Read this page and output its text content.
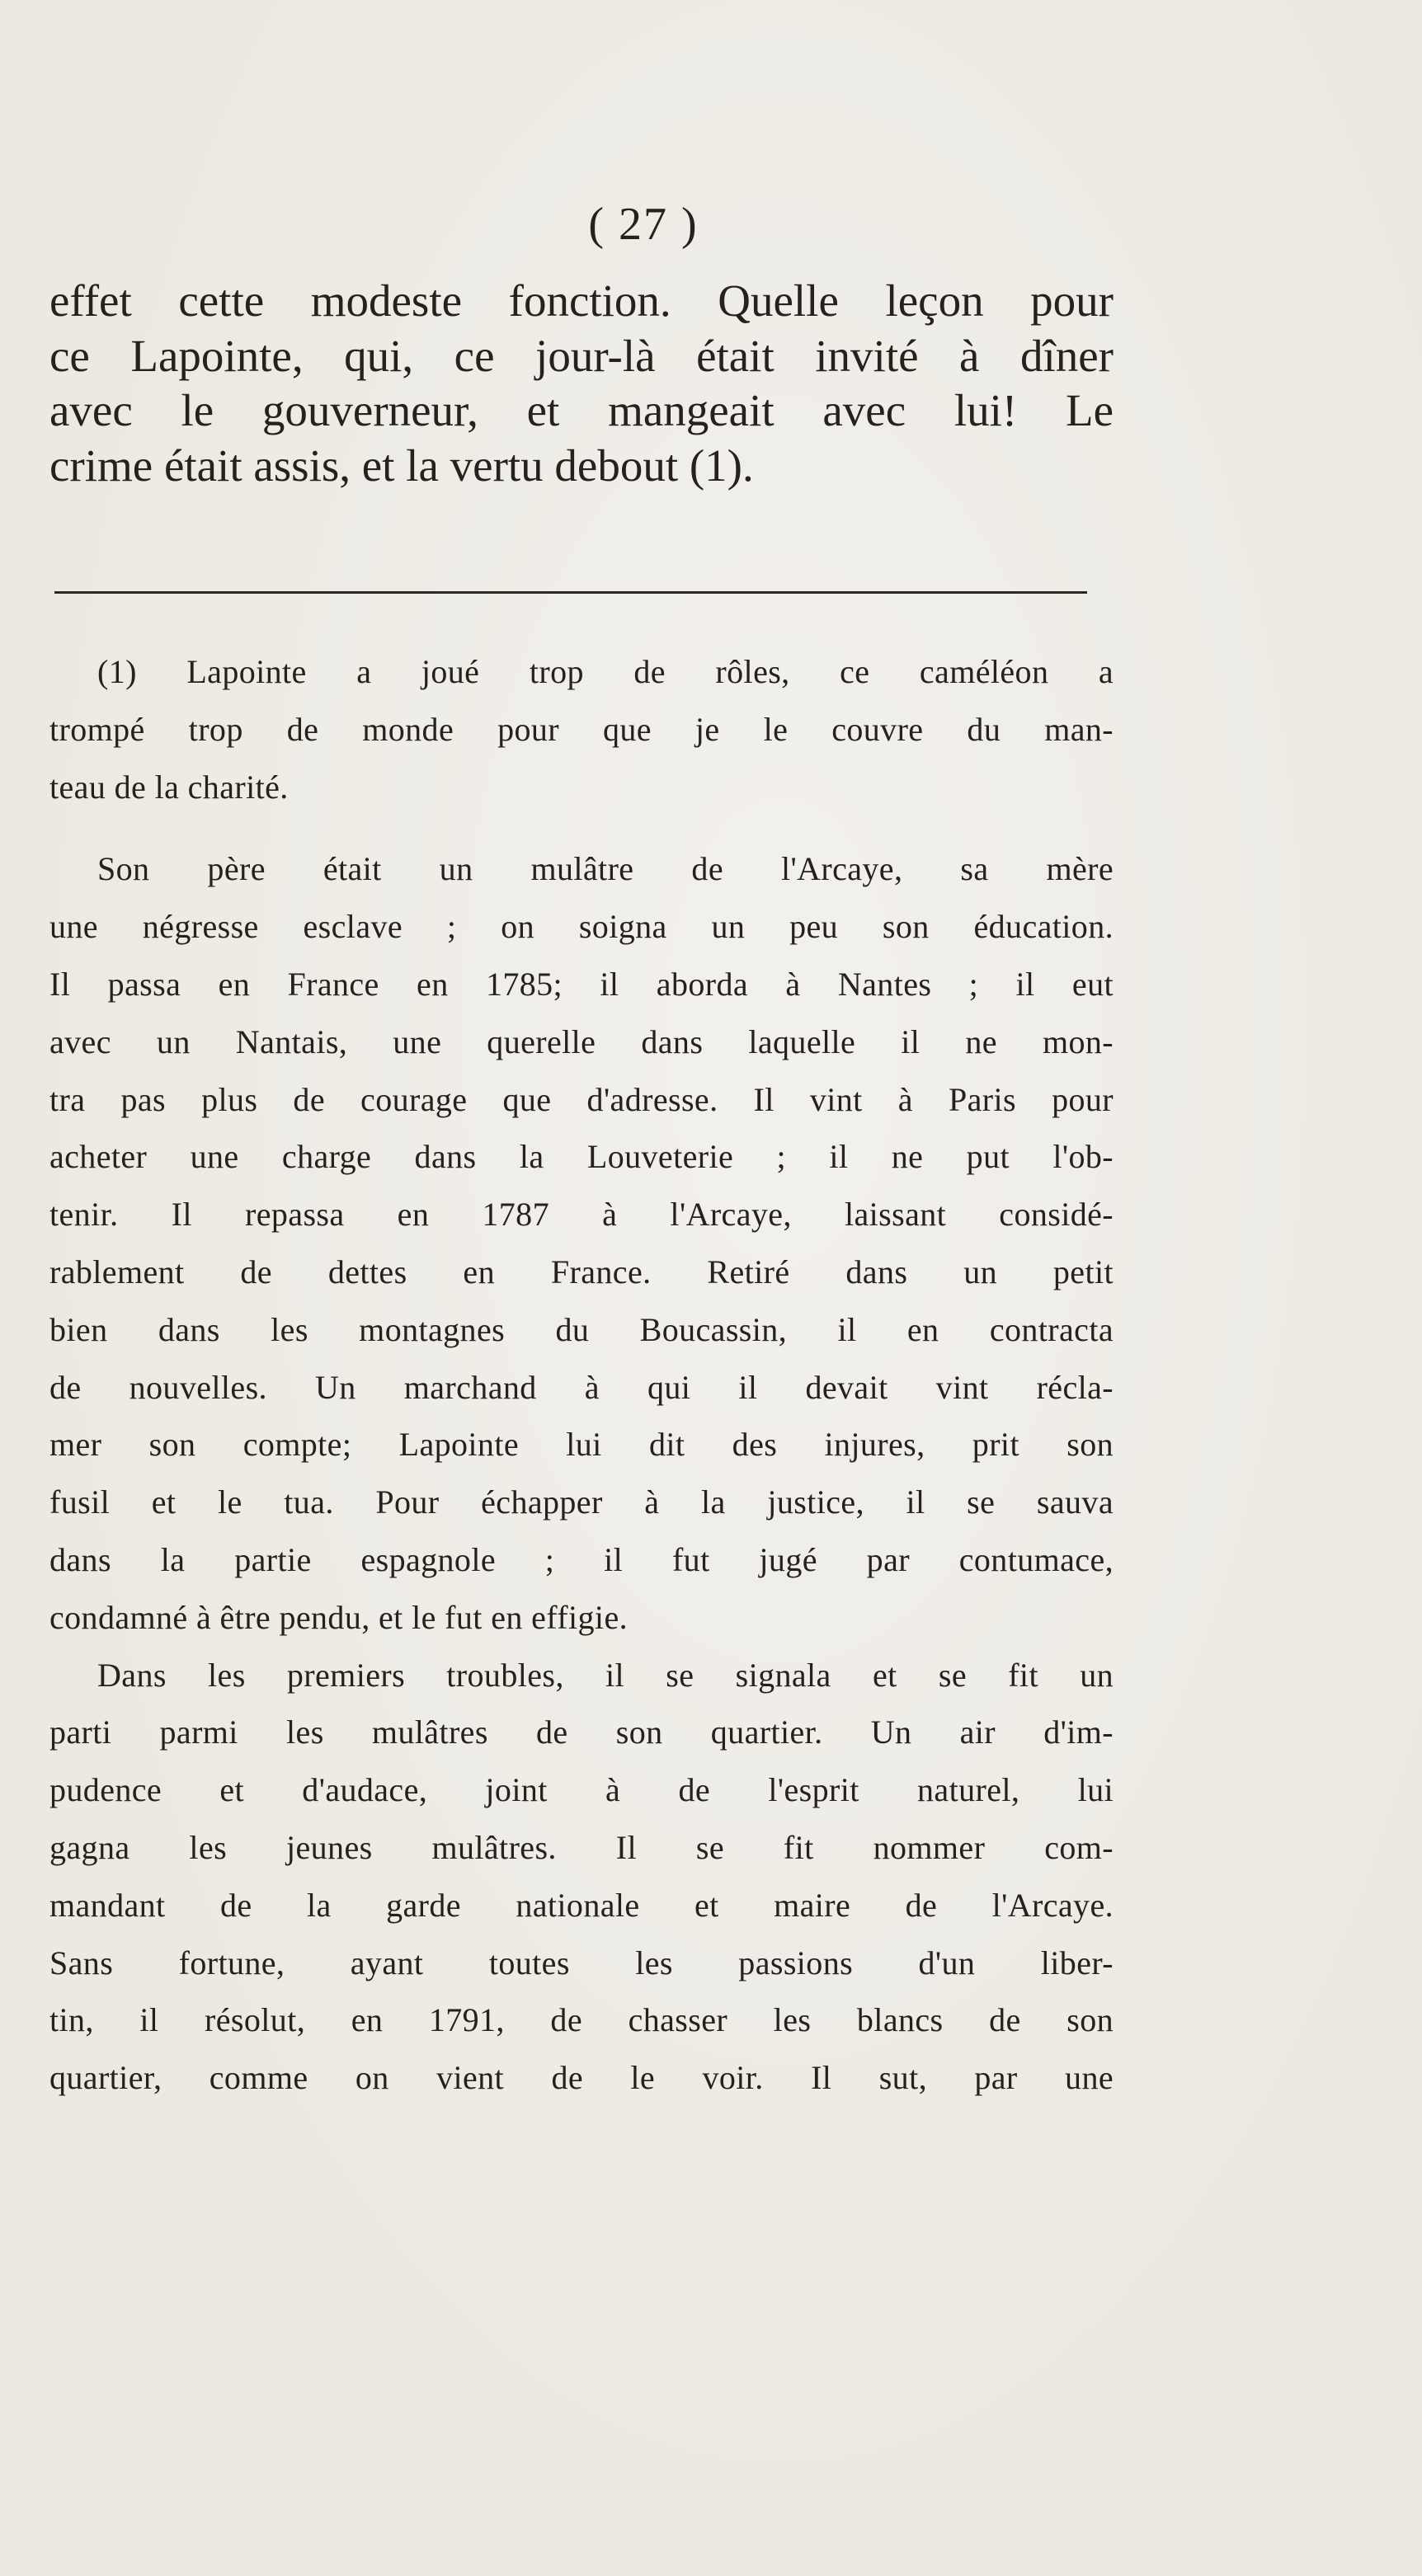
( 27 )
effet cette modeste fonction. Quelle leçon pour
ce Lapointe, qui, ce jour-là était invité à dîner
avec le gouverneur, et mangeait avec lui! Le
crime était assis, et la vertu debout (1).
(1) Lapointe a joué trop de rôles, ce caméléon a
trompé trop de monde pour que je le couvre du man-
teau de la charité.
Son père était un mulâtre de l'Arcaye, sa mère
une négresse esclave ; on soigna un peu son éducation.
Il passa en France en 1785; il aborda à Nantes ; il eut
avec un Nantais, une querelle dans laquelle il ne mon-
tra pas plus de courage que d'adresse. Il vint à Paris pour
acheter une charge dans la Louveterie ; il ne put l'ob-
tenir. Il repassa en 1787 à l'Arcaye, laissant considé-
rablement de dettes en France. Retiré dans un petit
bien dans les montagnes du Boucassin, il en contracta
de nouvelles. Un marchand à qui il devait vint récla-
mer son compte; Lapointe lui dit des injures, prit son
fusil et le tua. Pour échapper à la justice, il se sauva
dans la partie espagnole ; il fut jugé par contumace,
condamné à être pendu, et le fut en effigie.
Dans les premiers troubles, il se signala et se fit un
parti parmi les mulâtres de son quartier. Un air d'im-
pudence et d'audace, joint à de l'esprit naturel, lui
gagna les jeunes mulâtres. Il se fit nommer com-
mandant de la garde nationale et maire de l'Arcaye.
Sans fortune, ayant toutes les passions d'un liber-
tin, il résolut, en 1791, de chasser les blancs de son
quartier, comme on vient de le voir. Il sut, par une
